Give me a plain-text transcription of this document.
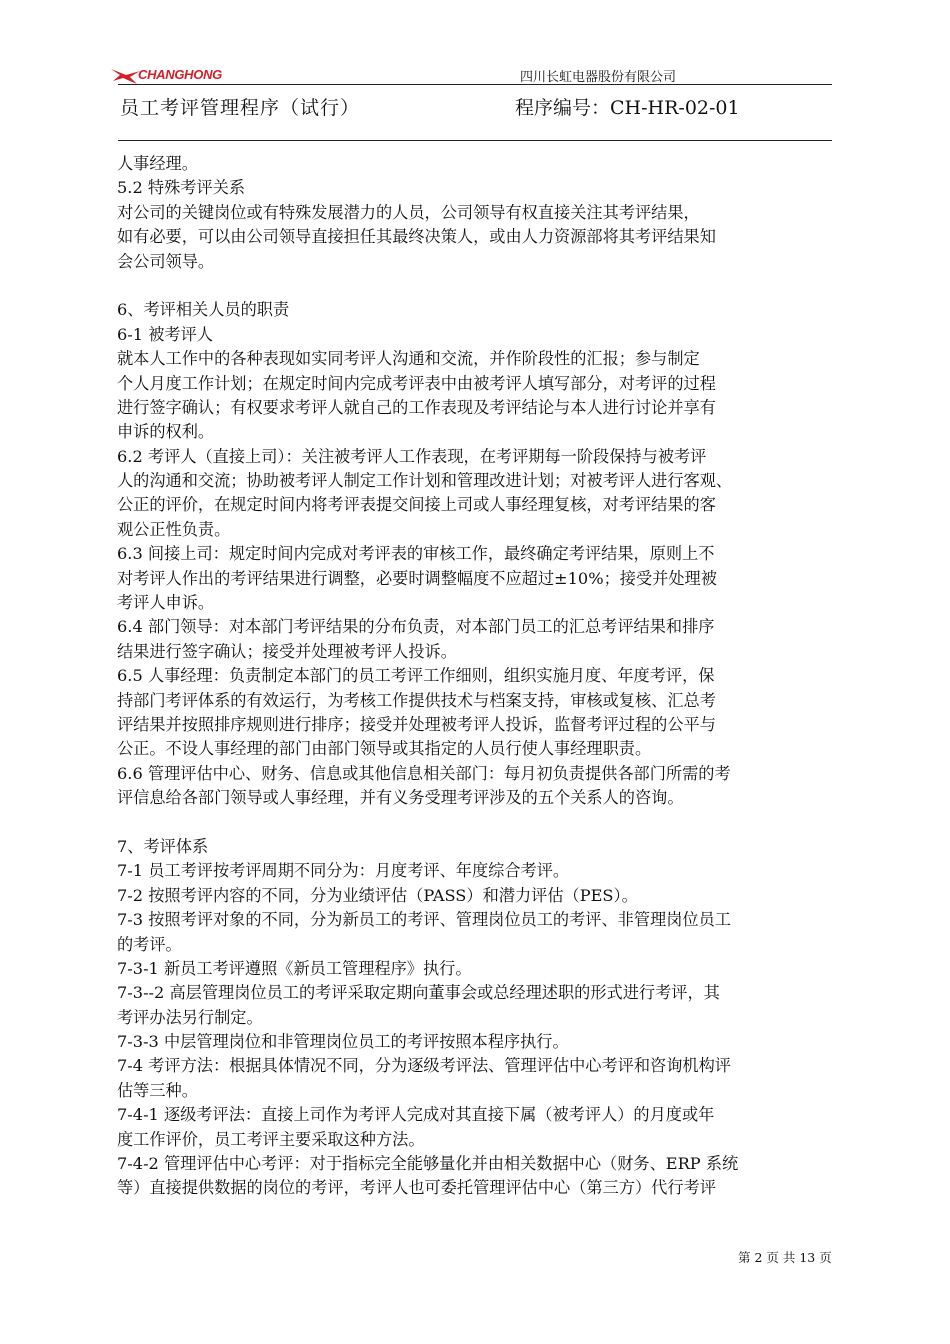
CHANGHONG	四川长虹电器股份有限公司
员工考评管理程序（试行）	程序编号：CH-HR-02-01
人事经理。
5.2 特殊考评关系
对公司的关键岗位或有特殊发展潜力的人员，公司领导有权直接关注其考评结果，
如有必要，可以由公司领导直接担任其最终决策人，或由人力资源部将其考评结果知
会公司领导。
6、考评相关人员的职责
6-1 被考评人
就本人工作中的各种表现如实同考评人沟通和交流，并作阶段性的汇报；参与制定
个人月度工作计划；在规定时间内完成考评表中由被考评人填写部分，对考评的过程
进行签字确认；有权要求考评人就自己的工作表现及考评结论与本人进行讨论并享有
申诉的权利。
6.2 考评人（直接上司）：关注被考评人工作表现，在考评期每一阶段保持与被考评
人的沟通和交流；协助被考评人制定工作计划和管理改进计划；对被考评人进行客观、
公正的评价，在规定时间内将考评表提交间接上司或人事经理复核，对考评结果的客
观公正性负责。
6.3 间接上司：规定时间内完成对考评表的审核工作，最终确定考评结果，原则上不
对考评人作出的考评结果进行调整，必要时调整幅度不应超过±10%；接受并处理被
考评人申诉。
6.4 部门领导：对本部门考评结果的分布负责，对本部门员工的汇总考评结果和排序
结果进行签字确认；接受并处理被考评人投诉。
6.5 人事经理：负责制定本部门的员工考评工作细则，组织实施月度、年度考评，保
持部门考评体系的有效运行，为考核工作提供技术与档案支持，审核或复核、汇总考
评结果并按照排序规则进行排序；接受并处理被考评人投诉，监督考评过程的公平与
公正。不设人事经理的部门由部门领导或其指定的人员行使人事经理职责。
6.6 管理评估中心、财务、信息或其他信息相关部门：每月初负责提供各部门所需的考
评信息给各部门领导或人事经理，并有义务受理考评涉及的五个关系人的咨询。
7、考评体系
7-1 员工考评按考评周期不同分为：月度考评、年度综合考评。
7-2 按照考评内容的不同，分为业绩评估（PASS）和潜力评估（PES）。
7-3 按照考评对象的不同，分为新员工的考评、管理岗位员工的考评、非管理岗位员工
的考评。
7-3-1 新员工考评遵照《新员工管理程序》执行。
7-3--2 高层管理岗位员工的考评采取定期向董事会或总经理述职的形式进行考评，其
考评办法另行制定。
7-3-3 中层管理岗位和非管理岗位员工的考评按照本程序执行。
7-4 考评方法：根据具体情况不同，分为逐级考评法、管理评估中心考评和咨询机构评
估等三种。
7-4-1 逐级考评法：直接上司作为考评人完成对其直接下属（被考评人）的月度或年
度工作评价，员工考评主要采取这种方法。
7-4-2 管理评估中心考评：对于指标完全能够量化并由相关数据中心（财务、ERP 系统
等）直接提供数据的岗位的考评，考评人也可委托管理评估中心（第三方）代行考评
第 2 页 共 13 页
